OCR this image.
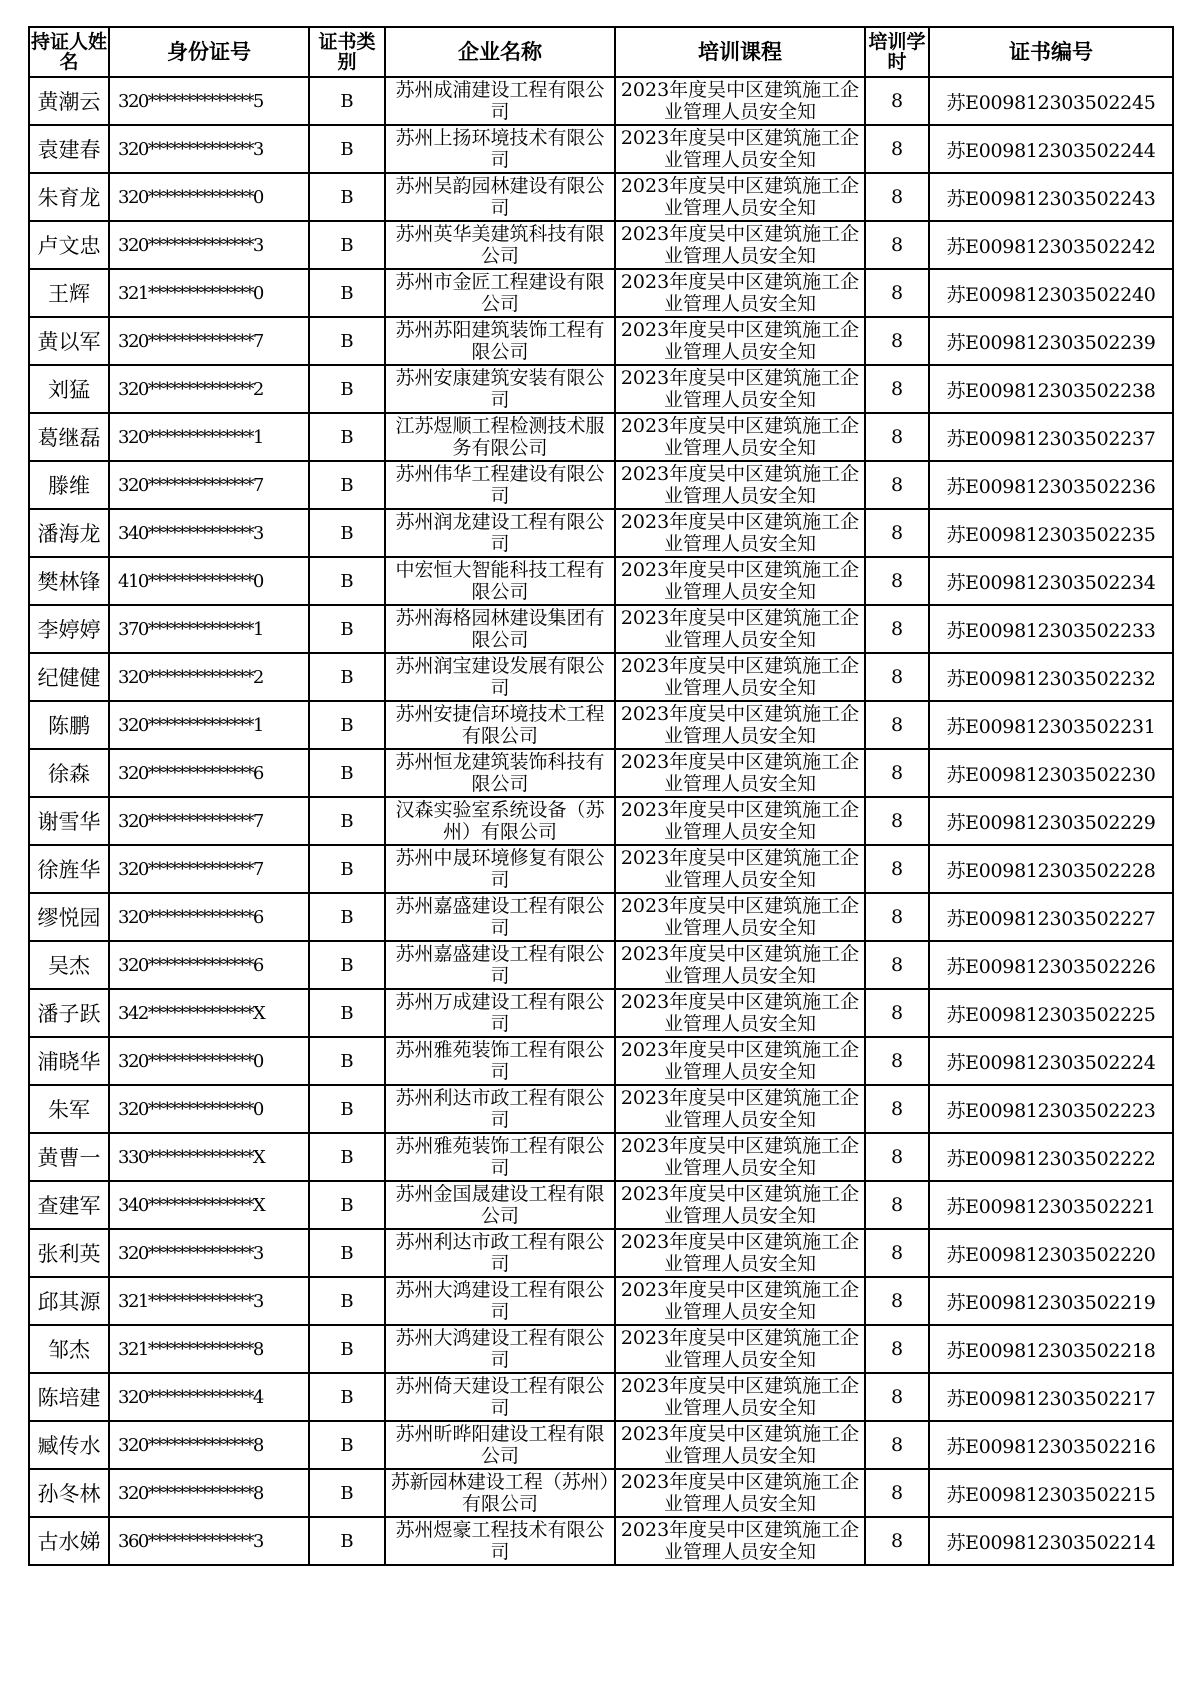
持证人姓名	身份证号	证书类别	企业名称	培训课程	培训学时	证书编号
黄潮云	320**************5	B	苏州成浦建设工程有限公司	2023年度吴中区建筑施工企业管理人员安全知	8	苏E009812303502245
袁建春	320**************3	B	苏州上扬环境技术有限公司	2023年度吴中区建筑施工企业管理人员安全知	8	苏E009812303502244
朱育龙	320**************0	B	苏州吴韵园林建设有限公司	2023年度吴中区建筑施工企业管理人员安全知	8	苏E009812303502243
卢文忠	320**************3	B	苏州英华美建筑科技有限公司	2023年度吴中区建筑施工企业管理人员安全知	8	苏E009812303502242
王辉	321**************0	B	苏州市金匠工程建设有限公司	2023年度吴中区建筑施工企业管理人员安全知	8	苏E009812303502240
黄以军	320**************7	B	苏州苏阳建筑装饰工程有限公司	2023年度吴中区建筑施工企业管理人员安全知	8	苏E009812303502239
刘猛	320**************2	B	苏州安康建筑安装有限公司	2023年度吴中区建筑施工企业管理人员安全知	8	苏E009812303502238
葛继磊	320**************1	B	江苏煜顺工程检测技术服务有限公司	2023年度吴中区建筑施工企业管理人员安全知	8	苏E009812303502237
滕维	320**************7	B	苏州伟华工程建设有限公司	2023年度吴中区建筑施工企业管理人员安全知	8	苏E009812303502236
潘海龙	340**************3	B	苏州润龙建设工程有限公司	2023年度吴中区建筑施工企业管理人员安全知	8	苏E009812303502235
樊林锋	410**************0	B	中宏恒大智能科技工程有限公司	2023年度吴中区建筑施工企业管理人员安全知	8	苏E009812303502234
李婷婷	370**************1	B	苏州海格园林建设集团有限公司	2023年度吴中区建筑施工企业管理人员安全知	8	苏E009812303502233
纪健健	320**************2	B	苏州润宝建设发展有限公司	2023年度吴中区建筑施工企业管理人员安全知	8	苏E009812303502232
陈鹏	320**************1	B	苏州安捷信环境技术工程有限公司	2023年度吴中区建筑施工企业管理人员安全知	8	苏E009812303502231
徐森	320**************6	B	苏州恒龙建筑装饰科技有限公司	2023年度吴中区建筑施工企业管理人员安全知	8	苏E009812303502230
谢雪华	320**************7	B	汉森实验室系统设备（苏州）有限公司	2023年度吴中区建筑施工企业管理人员安全知	8	苏E009812303502229
徐旌华	320**************7	B	苏州中晟环境修复有限公司	2023年度吴中区建筑施工企业管理人员安全知	8	苏E009812303502228
缪悦园	320**************6	B	苏州嘉盛建设工程有限公司	2023年度吴中区建筑施工企业管理人员安全知	8	苏E009812303502227
吴杰	320**************6	B	苏州嘉盛建设工程有限公司	2023年度吴中区建筑施工企业管理人员安全知	8	苏E009812303502226
潘子跃	342**************X	B	苏州万成建设工程有限公司	2023年度吴中区建筑施工企业管理人员安全知	8	苏E009812303502225
浦晓华	320**************0	B	苏州雅苑装饰工程有限公司	2023年度吴中区建筑施工企业管理人员安全知	8	苏E009812303502224
朱军	320**************0	B	苏州利达市政工程有限公司	2023年度吴中区建筑施工企业管理人员安全知	8	苏E009812303502223
黄曹一	330**************X	B	苏州雅苑装饰工程有限公司	2023年度吴中区建筑施工企业管理人员安全知	8	苏E009812303502222
查建军	340**************X	B	苏州金国晟建设工程有限公司	2023年度吴中区建筑施工企业管理人员安全知	8	苏E009812303502221
张利英	320**************3	B	苏州利达市政工程有限公司	2023年度吴中区建筑施工企业管理人员安全知	8	苏E009812303502220
邱其源	321**************3	B	苏州大鸿建设工程有限公司	2023年度吴中区建筑施工企业管理人员安全知	8	苏E009812303502219
邹杰	321**************8	B	苏州大鸿建设工程有限公司	2023年度吴中区建筑施工企业管理人员安全知	8	苏E009812303502218
陈培建	320**************4	B	苏州倚天建设工程有限公司	2023年度吴中区建筑施工企业管理人员安全知	8	苏E009812303502217
臧传水	320**************8	B	苏州昕晔阳建设工程有限公司	2023年度吴中区建筑施工企业管理人员安全知	8	苏E009812303502216
孙冬林	320**************8	B	苏新园林建设工程（苏州）有限公司	2023年度吴中区建筑施工企业管理人员安全知	8	苏E009812303502215
古水娣	360**************3	B	苏州煜豪工程技术有限公司	2023年度吴中区建筑施工企业管理人员安全知	8	苏E009812303502214
